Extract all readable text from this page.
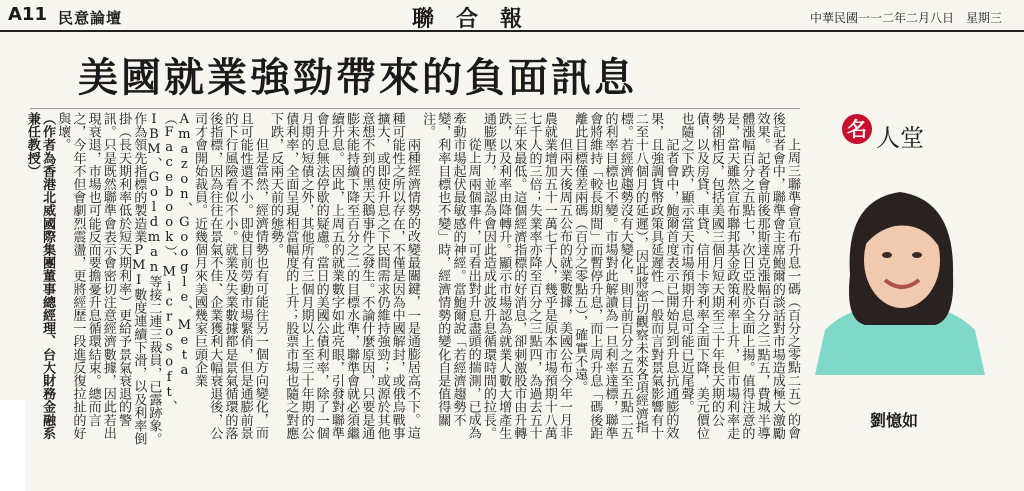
A11 民意論壇	聯合報	中華民國一一二年二月八日　星期三
美國就業強勁帶來的負面訊息

上周三聯準會宣布升息一碼（百分之零點二五）的會後記者會中，聯準會主席鮑爾的談話對市場造成極大激勵效果。記者會前後那斯達克漲幅百分之三點五，費城半導體漲幅百分之五點七，次日亞股亦全面上揚。值得注意的是，當天雖然宣布聯邦基金政策利率上升，但市場利率走勢卻相反，包括美國三個月短天期至三十年長天期的公債，以及房貸、車貸、信用卡等利率全面下降，美元價位也隨之下跌，顯示當天市場預期升息可能已近尾聲。

記者會中，鮑爾首度表示已開始見到升息抗通膨的效果，且強調貨幣政策具延遲性（一般而言對景氣影響有十二至十八個月的延遲），因此將密切觀察未來各項經濟指標。若經濟趨勢沒有大變化，則目前百分之五至五點二五的利率目標也不變。市場對此解讀為一旦利率達標，聯準會將維持「較長期間」而暫停升息，而上周升息「碼後距離此目標僅差兩碼（百分之零點五），確實不遠。

但兩天後周五公布的就業數據，美國公布今年一月非農就業增加五十一萬七千人，幾乎是原本市場預期十八萬七千人的三倍；失業率亦降至百分之三點四，為過去五十三年來最低。這個經濟指標的好消息，卻刺激股市由升轉跌，以及利率由降轉升。顯示市場認為就業人數大增產生通膨壓力，並認為會因此造成此波升息循環時間的拉長。

從上周兩個事件，可看出對升息盡頭的揣測，已成為牽動市場起伏最敏感的神經。當鮑爾說「若經濟趨勢不變，利率目標也不變」時，經濟情勢的變化自是值得關注。

兩種經濟情勢的改變最關鍵，一是通膨居高不下。這種可能性之所以存在，不僅是因為中國解封，或俄烏戰事擴大，或即使升息之下民間需求仍維持強勁；或源於其他意想不到的黑天鵝事件之發生。不論什麼原因，只要是通膨未能持續下降至百分之二的目標水準，聯準會就必須繼續升息。因此，上周五的就業數字如此亮眼，引發對聯準會升息無法停歇的疑慮。當日的美國公債利率，除了一個月期的短債之外，其他所有三個月期以上至三十年期的公債利率，全面呈現相當幅度的上升；股票市場也隨之對應下跌，反兩天前的態勢。

但是當然，經濟情勢也有可能往另一個方向變化，而且可能性還不小。即使目前勞動市場緊俏，但是通膨前景的下行風險看似不小。就業及失業數據都是景氣循環的落後指標，因為往往在景氣不佳、企業獲利大幅衰退後，公司才會開始裁員。近幾個月來美國幾家巨頭企業Amazon、Google、Meta（Facebook）、Microsoft、IBM、Goldman等接二連三裁員，已露跡象。作為領先指標的製造業PMI數度連續下滑，以及利率倒掛（長天期利率低於短天期利率）更給予景氣衰退的警訊。只是既然聯準會表示會密切注意經濟數據，因此若出現衰退，市場也可能反而要擔憂升息循環結束。總而言之，今年不但會劇烈震盪，更將經歷一段進反復拉扯的好與壞。

（作者為香港北威國際集團董事總經理、台大財務金融系兼任教授）	名 人堂
劉憶如
